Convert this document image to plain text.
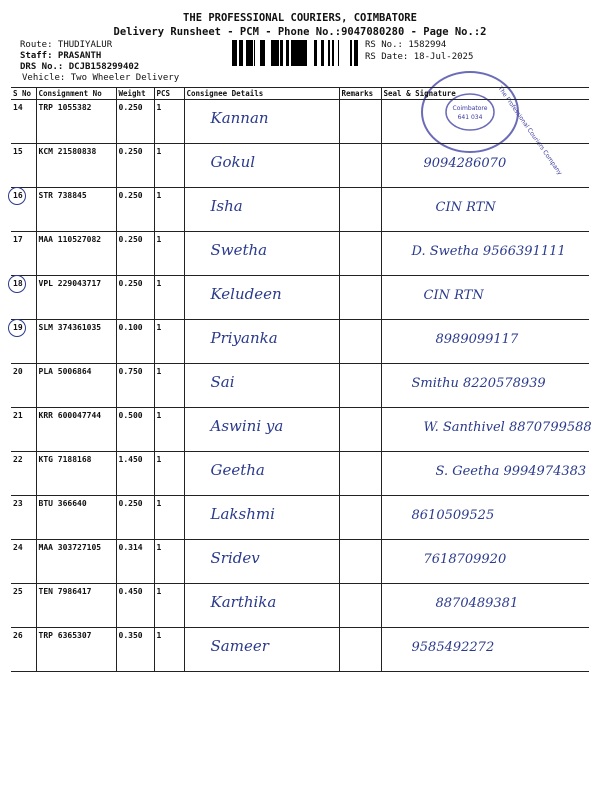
THE PROFESSIONAL COURIERS, COIMBATORE
Delivery Runsheet - PCM - Phone No.:9047080280 - Page No.:2
Route: THUDIYALUR
Staff: PRASANTH
DRS No.: DCJB158299402
Vehicle: Two Wheeler Delivery
RS No.: 1582994
RS Date: 18-Jul-2025
Coimbatore
641 034 The Professional Couriers Company
S No	Consignment No	Weight	PCS	Consignee Details	Remarks	Seal & Signature
14	TRP 1055382	0.250	1	Kannan		

15	KCM 21580838	0.250	1	Gokul		9094286070

16	STR 738845	0.250	1	Isha		CIN RTN

17	MAA 110527082	0.250	1	Swetha		D. Swetha 9566391111

18	VPL 229043717	0.250	1	Keludeen		CIN RTN

19	SLM 374361035	0.100	1	Priyanka		8989099117

20	PLA 5006864	0.750	1	Sai		Smithu 8220578939

21	KRR 600047744	0.500	1	Aswini ya		W. Santhivel 8870799588

22	KTG 7188168	1.450	1	Geetha		S. Geetha 9994974383

23	BTU 366640	0.250	1	Lakshmi		8610509525

24	MAA 303727105	0.314	1	Sridev		7618709920

25	TEN 7986417	0.450	1	Karthika		8870489381

26	TRP 6365307	0.350	1	Sameer		9585492272
